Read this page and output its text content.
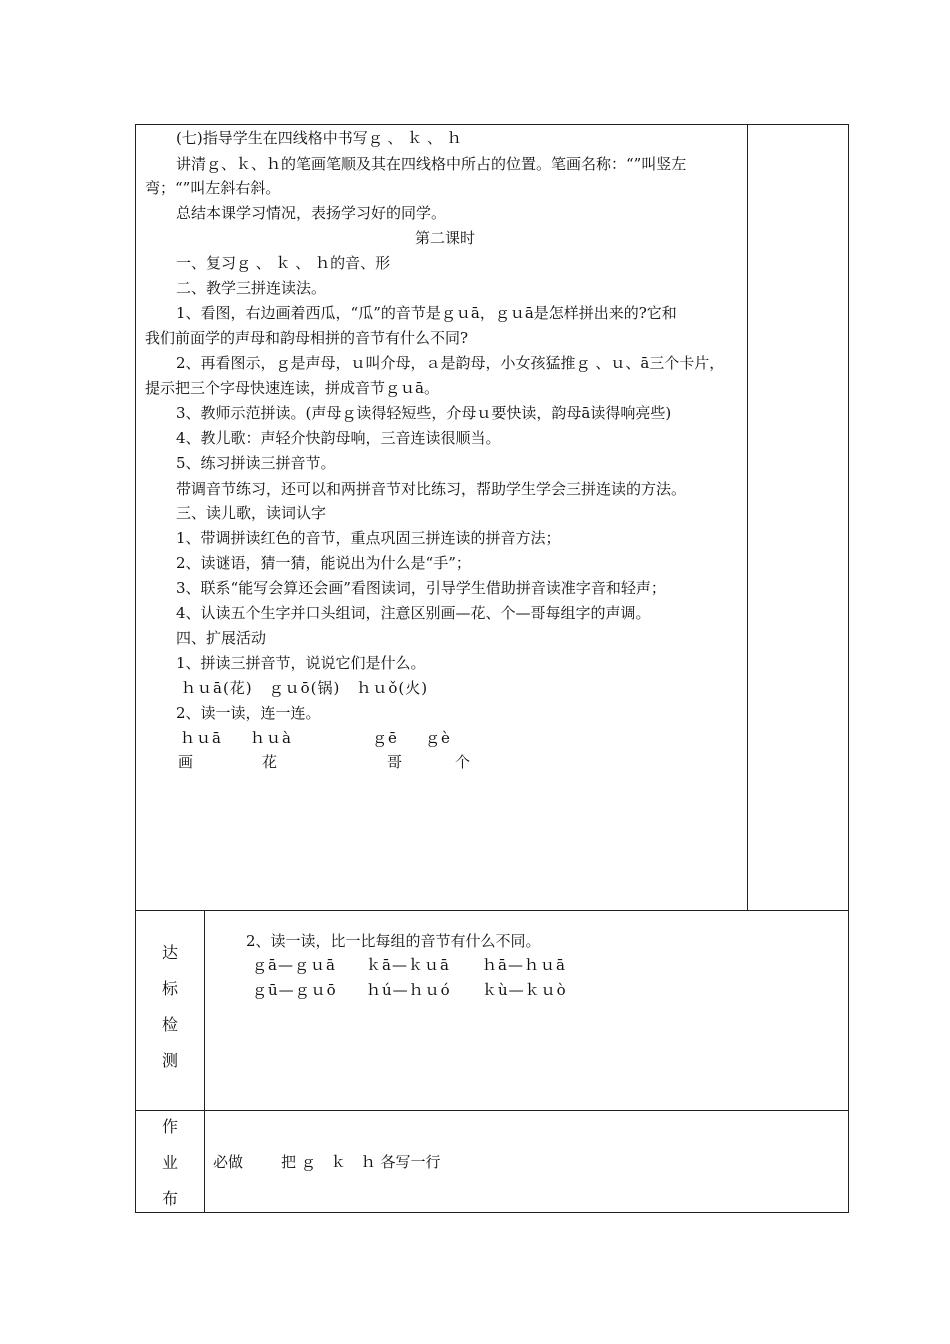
(七)指导学生在四线格中书写ｇ 、 ｋ 、 ｈ
讲清ｇ、ｋ、ｈ的笔画笔顺及其在四线格中所占的位置。笔画名称：“”叫竖左
弯；“”叫左斜右斜。
总结本课学习情况，表扬学习好的同学。
第二课时
一、复习ｇ 、 ｋ 、 ｈ的音、形
二、教学三拼连读法。
1、看图，右边画着西瓜，“瓜”的音节是ｇｕā，ｇｕā是怎样拼出来的?它和
我们前面学的声母和韵母相拼的音节有什么不同?
2、再看图示，ｇ是声母，ｕ叫介母，ａ是韵母，小女孩猛推ｇ 、ｕ、ā三个卡片，
提示把三个字母快速连读，拼成音节ｇｕā。
3、教师示范拼读。(声母ｇ读得轻短些，介母ｕ要快读，韵母ā读得响亮些)
4、教儿歌：声轻介快韵母响，三音连读很顺当。
5、练习拼读三拼音节。
带调音节练习，还可以和两拼音节对比练习，帮助学生学会三拼连读的方法。
三、读儿歌，读词认字
1、带调拼读红色的音节，重点巩固三拼连读的拼音方法；
2、读谜语，猜一猜，能说出为什么是“手”；
3、联系“能写会算还会画”看图读词，引导学生借助拼音读准字音和轻声；
4、认读五个生字并口头组词，注意区别画—花、个—哥每组字的声调。
四、扩展活动
1、拼读三拼音节，说说它们是什么。
ｈｕā(花)　ｇｕō(锅)　ｈｕǒ(火)
2、读一读，连一连。
ｈｕā ｈｕà	ｇē ｇè
画	花	哥	个
达
标
检
测
2、读一读，比一比每组的音节有什么不同。
ｇā—ｇｕā ｋā—ｋｕā ｈā—ｈｕā
ｇū—ｇｕō ｈú—ｈｕó ｋù—ｋｕò
作
业
布
必做	把 ｇ　ｋ　ｈ 各写一行
